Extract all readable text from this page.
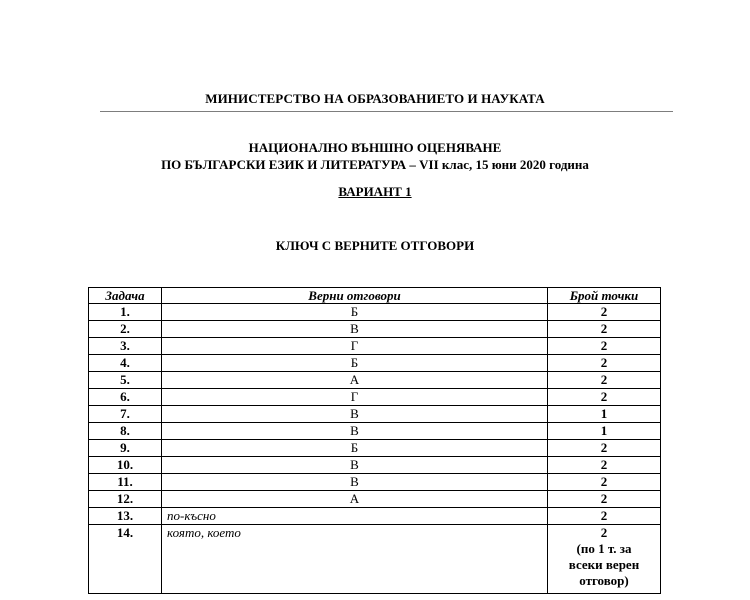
МИНИСТЕРСТВО НА ОБРАЗОВАНИЕТО И НАУКАТА
НАЦИОНАЛНО ВЪНШНО ОЦЕНЯВАНЕ
ПО БЪЛГАРСКИ ЕЗИК И ЛИТЕРАТУРА – VII клас, 15 юни 2020 година
ВАРИАНТ 1
КЛЮЧ С ВЕРНИТЕ ОТГОВОРИ
Задача	Верни отговори	Брой точки
1.	Б	2
2.	В	2
3.	Г	2
4.	Б	2
5.	А	2
6.	Г	2
7.	В	1
8.	В	1
9.	Б	2
10.	В	2
11.	В	2
12.	А	2
13.	по-късно	2
14.	която, което	2
(по 1 т. за
всеки верен
отговор)
